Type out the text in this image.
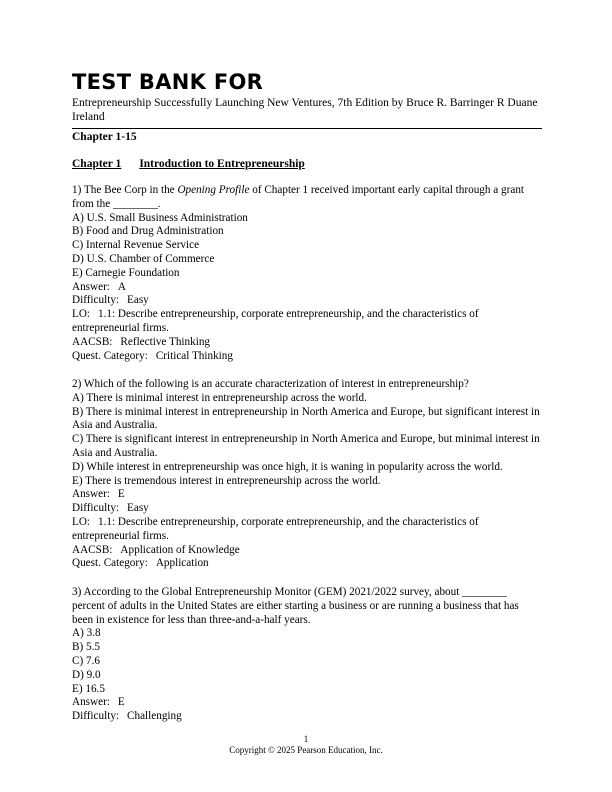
TEST BANK FOR
Entrepreneurship Successfully Launching New Ventures, 7th Edition by Bruce R. Barringer R Duane Ireland
Chapter 1-15
Chapter 1 Introduction to Entrepreneurship

1) The Bee Corp in the Opening Profile of Chapter 1 received important early capital through a grant from the ________.

A) U.S. Small Business Administration

B) Food and Drug Administration

C) Internal Revenue Service

D) U.S. Chamber of Commerce

E) Carnegie Foundation

Answer: A

Difficulty: Easy

LO: 1.1: Describe entrepreneurship, corporate entrepreneurship, and the characteristics of entrepreneurial firms.

AACSB: Reflective Thinking

Quest. Category: Critical Thinking

2) Which of the following is an accurate characterization of interest in entrepreneurship?

A) There is minimal interest in entrepreneurship across the world.

B) There is minimal interest in entrepreneurship in North America and Europe, but significant interest in Asia and Australia.

C) There is significant interest in entrepreneurship in North America and Europe, but minimal interest in Asia and Australia.

D) While interest in entrepreneurship was once high, it is waning in popularity across the world.

E) There is tremendous interest in entrepreneurship across the world.

Answer: E

Difficulty: Easy

LO: 1.1: Describe entrepreneurship, corporate entrepreneurship, and the characteristics of entrepreneurial firms.

AACSB: Application of Knowledge

Quest. Category: Application

3) According to the Global Entrepreneurship Monitor (GEM) 2021/2022 survey, about ________ percent of adults in the United States are either starting a business or are running a business that has been in existence for less than three-and-a-half years.

A) 3.8

B) 5.5

C) 7.6

D) 9.0

E) 16.5

Answer: E

Difficulty: Challenging

1
Copyright © 2025 Pearson Education, Inc.
